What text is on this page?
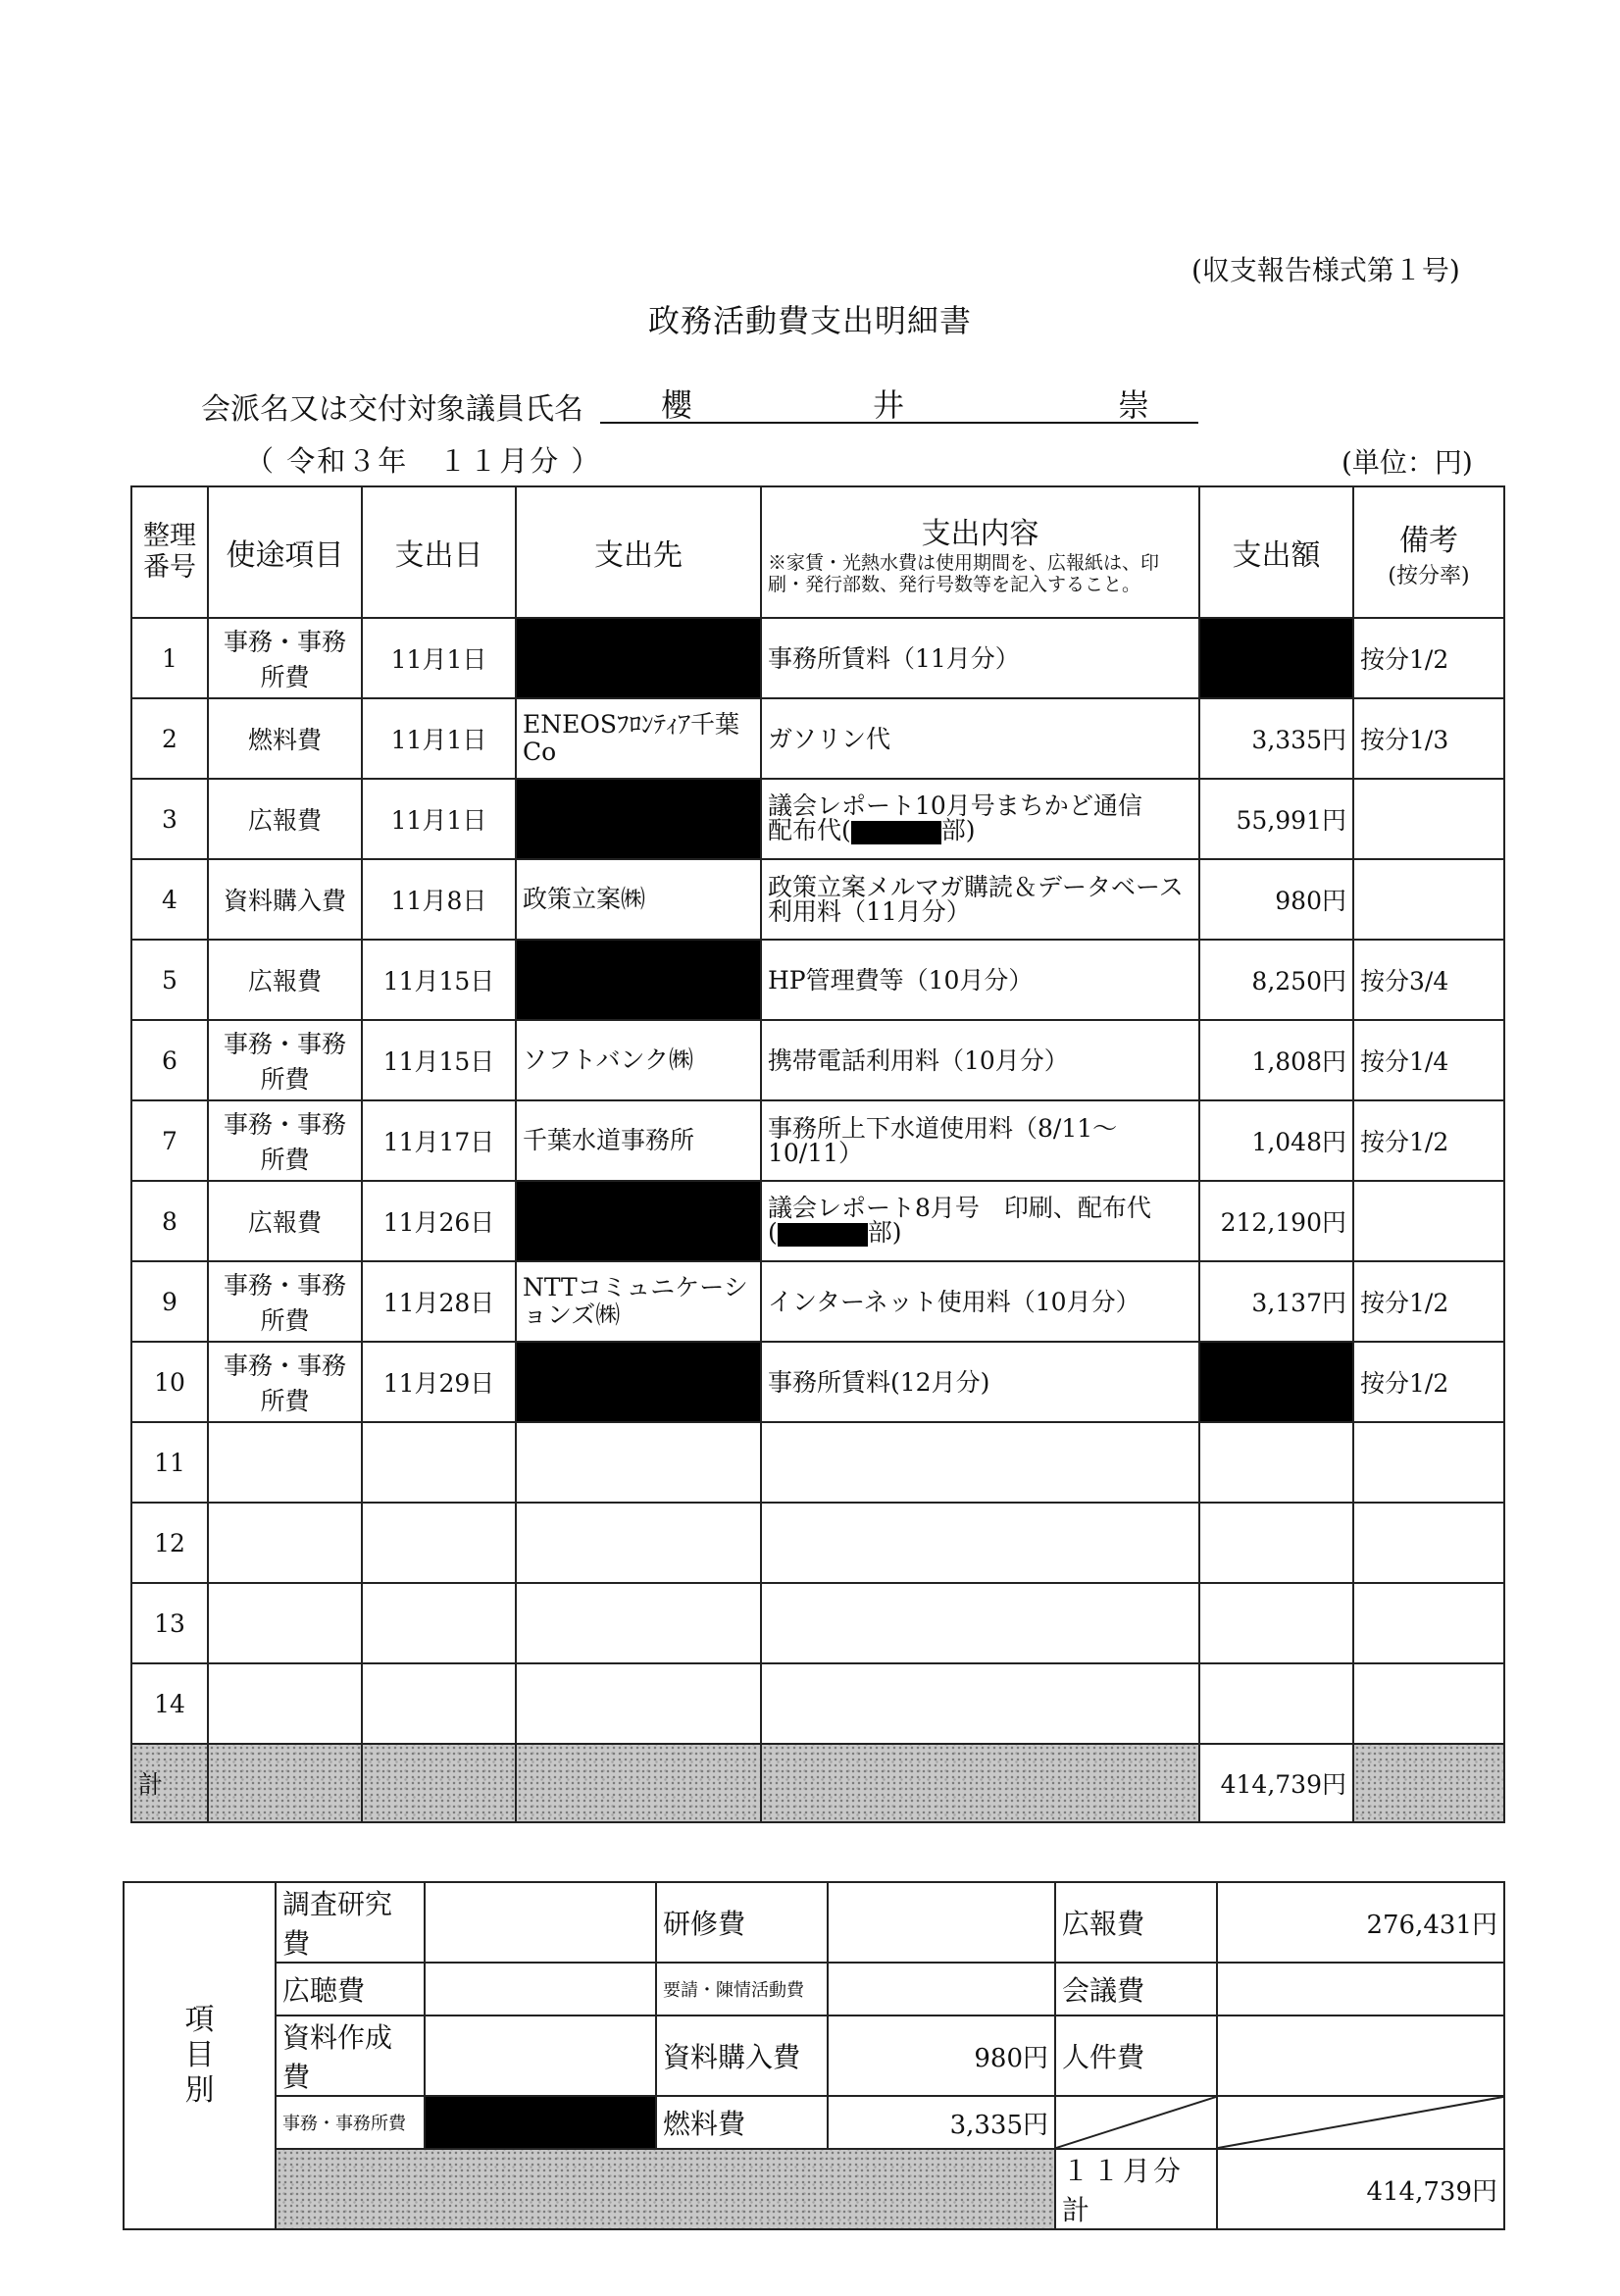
(収支報告様式第１号)
政務活動費支出明細書
会派名又は交付対象議員氏名 櫻	井	崇
（ 令和３年　１１月分 ）	(単位：円)
整理番号	使途項目	支出日	支出先	支出内容
※家賃・光熱水費は使用期間を、広報紙は、印刷・発行部数、発行号数等を記入すること。	支出額	備考
(按分率)

1	事務・事務所費	11月1日		事務所賃料（11月分）		按分1/2
2	燃料費	11月1日	ENEOSﾌﾛﾝﾃｨｱ千葉Co	ガソリン代	3,335円	按分1/3
3	広報費	11月1日		議会レポート10月号まちかど通信
配布代( 部)	55,991円	
4	資料購入費	11月8日	政策立案㈱	政策立案メルマガ購読＆データベース利用料（11月分）	980円	
5	広報費	11月15日		HP管理費等（10月分）	8,250円	按分3/4
6	事務・事務所費	11月15日	ソフトバンク㈱	携帯電話利用料（10月分）	1,808円	按分1/4
7	事務・事務所費	11月17日	千葉水道事務所	事務所上下水道使用料（8/11～10/11）	1,048円	按分1/2
8	広報費	11月26日		議会レポート8月号　印刷、配布代
( 部)	212,190円	
9	事務・事務所費	11月28日	NTTコミュニケーションズ㈱	インターネット使用料（10月分）	3,137円	按分1/2
10	事務・事務所費	11月29日		事務所賃料(12月分)		按分1/2
11						
12						
13						
14						
計					414,739円	
項
目
別	調査研究費		研修費		広報費	276,431円
	広聴費		要請・陳情活動費		会議費	
	資料作成費		資料購入費	980円	人件費	
	事務・事務所費		燃料費	3,335円	

					１１月分計	414,739円
